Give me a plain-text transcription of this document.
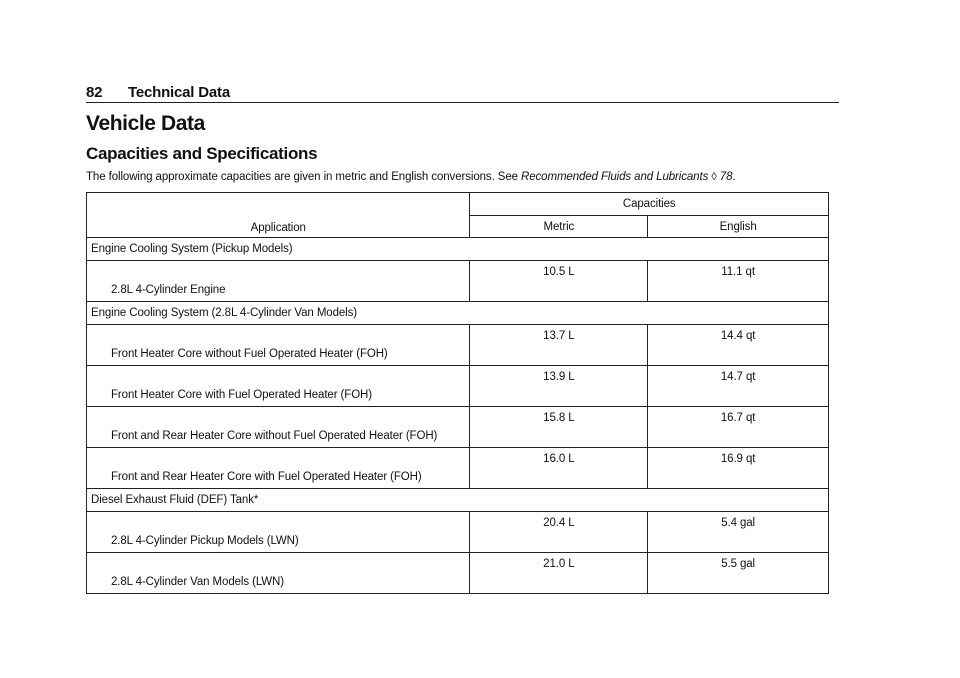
82 Technical Data
Vehicle Data
Capacities and Specifications
The following approximate capacities are given in metric and English conversions. See Recommended Fluids and Lubricants ◊ 78.
Application	Capacities	
	Metric	English
Engine Cooling System (Pickup Models)		
2.8L 4-Cylinder Engine	10.5 L	11.1 qt
Engine Cooling System (2.8L 4-Cylinder Van Models)		
Front Heater Core without Fuel Operated Heater (FOH)	13.7 L	14.4 qt
Front Heater Core with Fuel Operated Heater (FOH)	13.9 L	14.7 qt
Front and Rear Heater Core without Fuel Operated Heater (FOH)	15.8 L	16.7 qt
Front and Rear Heater Core with Fuel Operated Heater (FOH)	16.0 L	16.9 qt
Diesel Exhaust Fluid (DEF) Tank*		
2.8L 4-Cylinder Pickup Models (LWN)	20.4 L	5.4 gal
2.8L 4-Cylinder Van Models (LWN)	21.0 L	5.5 gal
